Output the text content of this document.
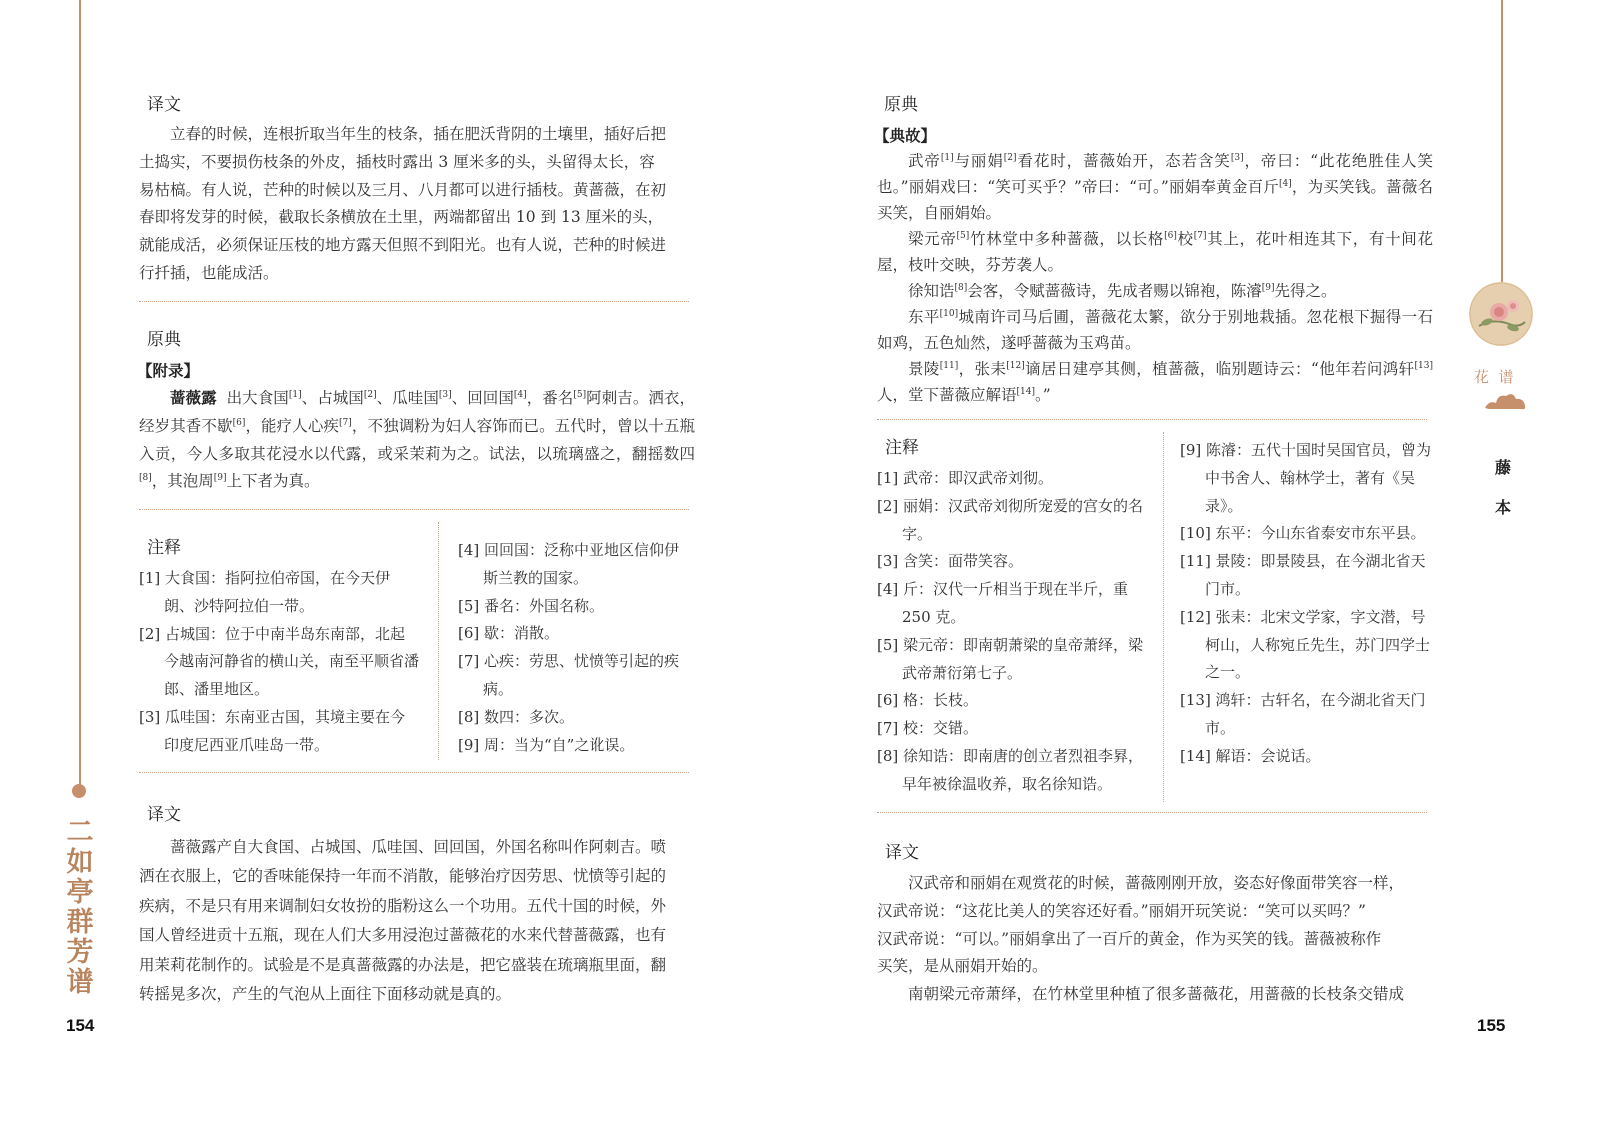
二
如
亭
群
芳
谱
154
译文
立春的时候，连根折取当年生的枝条，插在肥沃背阴的土壤里，插好后把
土捣实，不要损伤枝条的外皮，插枝时露出 3 厘米多的头，头留得太长，容
易枯槁。有人说，芒种的时候以及三月、八月都可以进行插枝。黄蔷薇，在初
春即将发芽的时候，截取长条横放在土里，两端都留出 10 到 13 厘米的头，
就能成活，必须保证压枝的地方露天但照不到阳光。也有人说，芒种的时候进
行扦插，也能成活。
原典
【附录】

蔷薇露 出大食国[1]、占城国[2]、瓜哇国[3]、回回国[4]，番名[5]阿刺吉。洒衣，经岁其香不歇[6]，能疗人心疾[7]，不独调粉为妇人容饰而已。五代时，曾以十五瓶入贡，今人多取其花浸水以代露，或采茉莉为之。试法，以琉璃盛之，翻摇数四[8]，其泡周[9]上下者为真。

注释
[1] 大食国：指阿拉伯帝国，在今天伊朗、沙特阿拉伯一带。
[2] 占城国：位于中南半岛东南部，北起今越南河静省的横山关，南至平顺省潘郎、潘里地区。
[3] 瓜哇国：东南亚古国，其境主要在今印度尼西亚爪哇岛一带。
[4] 回回国：泛称中亚地区信仰伊斯兰教的国家。
[5] 番名：外国名称。
[6] 歇：消散。
[7] 心疾：劳思、忧愤等引起的疾病。
[8] 数四：多次。
[9] 周：当为“自”之讹误。
译文
蔷薇露产自大食国、占城国、瓜哇国、回回国，外国名称叫作阿刺吉。喷
洒在衣服上，它的香味能保持一年而不消散，能够治疗因劳思、忧愤等引起的
疾病，不是只有用来调制妇女妆扮的脂粉这么一个功用。五代十国的时候，外
国人曾经进贡十五瓶，现在人们大多用浸泡过蔷薇花的水来代替蔷薇露，也有
用茉莉花制作的。试验是不是真蔷薇露的办法是，把它盛装在琉璃瓶里面，翻
转摇晃多次，产生的气泡从上面往下面移动就是真的。
花  谱
藤
本
155
原典
【典故】

武帝[1]与丽娟[2]看花时，蔷薇始开，态若含笑[3]，帝曰：“此花绝胜佳人笑也。”丽娟戏曰：“笑可买乎？”帝曰：“可。”丽娟奉黄金百斤[4]，为买笑钱。蔷薇名买笑，自丽娟始。

梁元帝[5]竹林堂中多种蔷薇，以长格[6]校[7]其上，花叶相连其下，有十间花屋，枝叶交映，芬芳袭人。

徐知诰[8]会客，令赋蔷薇诗，先成者赐以锦袍，陈濬[9]先得之。

东平[10]城南许司马后圃，蔷薇花太繁，欲分于别地栽插。忽花根下掘得一石如鸡，五色灿然，遂呼蔷薇为玉鸡苗。

景陵[11]，张耒[12]谪居日建亭其侧，植蔷薇，临别题诗云：“他年若问鸿轩[13]人，堂下蔷薇应解语[14]。”

注释
[1] 武帝：即汉武帝刘彻。
[2] 丽娟：汉武帝刘彻所宠爱的宫女的名字。
[3] 含笑：面带笑容。
[4] 斤：汉代一斤相当于现在半斤，重 250 克。
[5] 梁元帝：即南朝萧梁的皇帝萧绎，梁武帝萧衍第七子。
[6] 格：长枝。
[7] 校：交错。
[8] 徐知诰：即南唐的创立者烈祖李昪，早年被徐温收养，取名徐知诰。
[9] 陈濬：五代十国时吴国官员，曾为中书舍人、翰林学士，著有《吴录》。
[10] 东平：今山东省泰安市东平县。
[11] 景陵：即景陵县，在今湖北省天门市。
[12] 张耒：北宋文学家，字文潜，号柯山，人称宛丘先生，苏门四学士之一。
[13] 鸿轩：古轩名，在今湖北省天门市。
[14] 解语：会说话。
译文
汉武帝和丽娟在观赏花的时候，蔷薇刚刚开放，姿态好像面带笑容一样，
汉武帝说：“这花比美人的笑容还好看。”丽娟开玩笑说：“笑可以买吗？”
汉武帝说：“可以。”丽娟拿出了一百斤的黄金，作为买笑的钱。蔷薇被称作
买笑，是从丽娟开始的。
南朝梁元帝萧绎，在竹林堂里种植了很多蔷薇花，用蔷薇的长枝条交错成
